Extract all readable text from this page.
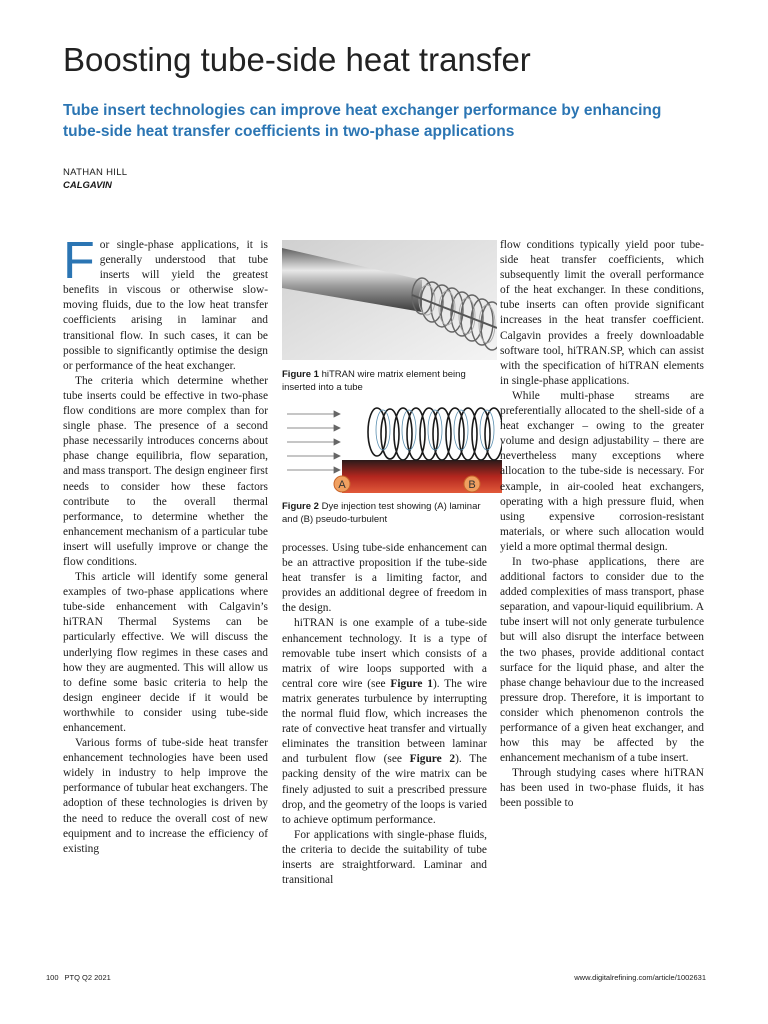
Boosting tube-side heat transfer
Tube insert technologies can improve heat exchanger performance by enhancing tube-side heat transfer coefficients in two-phase applications
NATHAN HILL
CALGAVIN

For single-phase applications, it is generally understood that tube inserts will yield the greatest benefits in viscous or otherwise slow-moving fluids, due to the low heat transfer coefficients arising in laminar and transitional flow. In such cases, it can be possible to significantly optimise the design or performance of the heat exchanger.

The criteria which determine whether tube inserts could be effective in two-phase flow conditions are more complex than for single phase. The presence of a second phase necessarily introduces concerns about phase change equilibria, flow separation, and mass transport. The design engineer first needs to consider how these factors contribute to the overall thermal performance, to determine whether the enhancement mechanism of a particular tube insert will usefully improve or change the flow conditions.

This article will identify some general examples of two-phase applications where tube-side enhancement with Calgavin’s hiTRAN Thermal Systems can be particularly effective. We will discuss the underlying flow regimes in these cases and how they are augmented. This will allow us to define some basic criteria to help the design engineer decide if it would be worthwhile to consider using tube-side enhancement.

Various forms of tube-side heat transfer enhancement technologies have been used widely in industry to help improve the performance of tubular heat exchangers. The adoption of these technologies is driven by the need to reduce the overall cost of new equipment and to increase the efficiency of existing

Figure 1 hiTRAN wire matrix element being inserted into a tube
A	B
Figure 2 Dye injection test showing (A) laminar and (B) pseudo-turbulent

processes. Using tube-side enhancement can be an attractive proposition if the tube-side heat transfer is a limiting factor, and provides an additional degree of freedom in the design.

hiTRAN is one example of a tube-side enhancement technology. It is a type of removable tube insert which consists of a matrix of wire loops supported with a central core wire (see Figure 1). The wire matrix generates turbulence by interrupting the normal fluid flow, which increases the rate of convective heat transfer and virtually eliminates the transition between laminar and turbulent flow (see Figure 2). The packing density of the wire matrix can be finely adjusted to suit a prescribed pressure drop, and the geometry of the loops is varied to achieve optimum performance.

For applications with single-phase fluids, the criteria to decide the suitability of tube inserts are straightforward. Laminar and transitional

flow conditions typically yield poor tube-side heat transfer coefficients, which subsequently limit the overall performance of the heat exchanger. In these conditions, tube inserts can often provide significant increases in the heat transfer coefficient. Calgavin provides a freely downloadable software tool, hiTRAN.SP, which can assist with the specification of hiTRAN elements in single-phase applications.

While multi-phase streams are preferentially allocated to the shell-side of a heat exchanger – owing to the greater volume and design adjustability – there are nevertheless many exceptions where allocation to the tube-side is necessary. For example, in air-cooled heat exchangers, operating with a high pressure fluid, when using expensive corrosion-resistant materials, or where such allocation would yield a more optimal thermal design.

In two-phase applications, there are additional factors to consider due to the added complexities of mass transport, phase separation, and vapour-liquid equilibrium. A tube insert will not only generate turbulence but will also disrupt the interface between the two phases, provide additional contact surface for the liquid phase, and alter the phase change behaviour due to the increased pressure drop. Therefore, it is important to consider which phenomenon controls the performance of a given heat exchanger, and how this may be affected by the enhancement mechanism of a tube insert.

Through studying cases where hiTRAN has been used in two-phase fluids, it has been possible to

100 PTQ Q2 2021	www.digitalrefining.com/article/1002631
